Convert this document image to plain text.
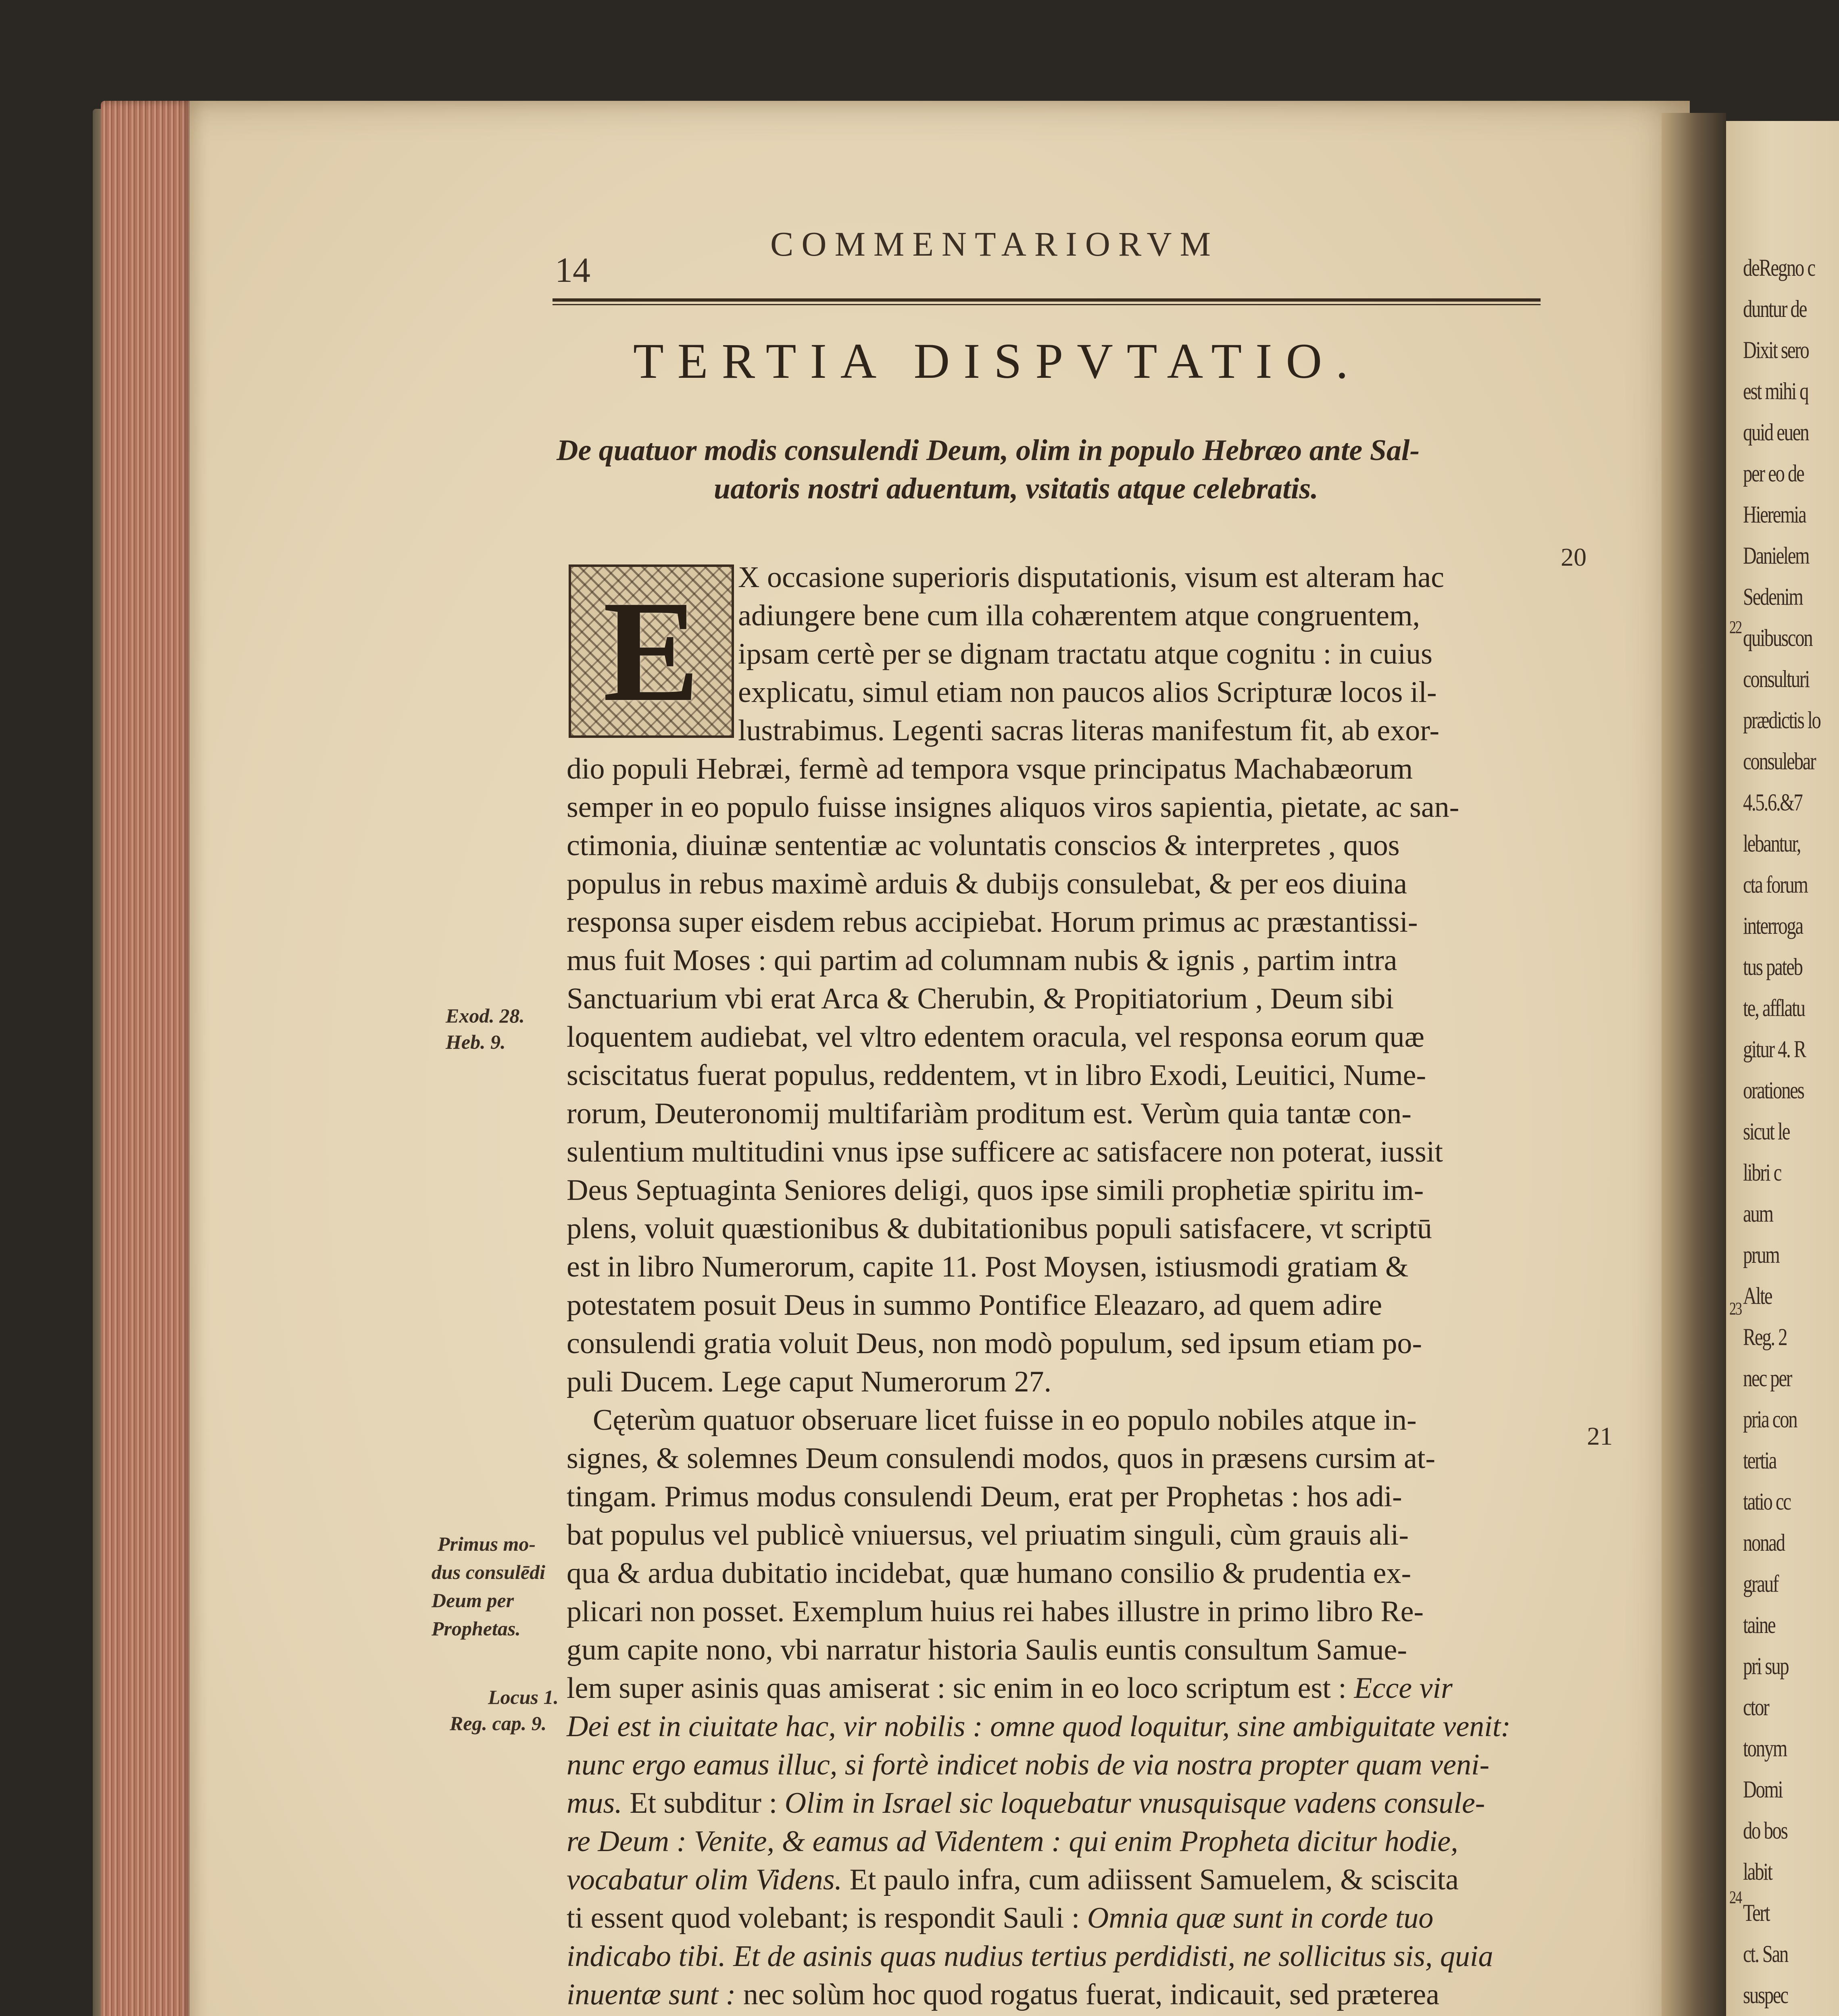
deRegno c
duntur de
Dixit sero
est mihi q
quid euen
per eo de
Hieremia
Danielem
Sedenim
quibuscon
consulturi
prædictis lo
consulebar
4.5.6.&7
lebantur,
cta forum
interroga
tus pateb
te, afflatu
gitur 4. R
orationes
sicut le
libri c
aum
prum
Alte
Reg. 2
nec per
pria con
tertia
tatio cc
nonad
grauf
taine
pri sup
ctor
tonym
Domi
do bos
labit
Tert
ct. San
suspec
22
23
24
14
COMMENTARIORVM
TERTIA DISPVTATIO.
De quatuor modis consulendi Deum, olim in populo Hebræo ante Sal-
uatoris nostri aduentum, vsitatis atque celebratis.
E	X occasione superioris disputationis, visum est alteram hac
adiungere bene cum illa cohærentem atque congruentem,
ipsam certè per se dignam tractatu atque cognitu : in cuius
explicatu, simul etiam non paucos alios Scripturæ locos il-
lustrabimus. Legenti sacras literas manifestum fit, ab exor-
dio populi Hebræi, fermè ad tempora vsque principatus Machabæorum
semper in eo populo fuisse insignes aliquos viros sapientia, pietate, ac san-
ctimonia, diuinæ sententiæ ac voluntatis conscios & interpretes , quos
populus in rebus maximè arduis & dubijs consulebat, & per eos diuina
responsa super eisdem rebus accipiebat. Horum primus ac præstantissi-
mus fuit Moses : qui partim ad columnam nubis & ignis , partim intra
Sanctuarium vbi erat Arca & Cherubin, & Propitiatorium , Deum sibi
loquentem audiebat, vel vltro edentem oracula, vel responsa eorum quæ
sciscitatus fuerat populus, reddentem, vt in libro Exodi, Leuitici, Nume-
rorum, Deuteronomij multifariàm proditum est. Verùm quia tantæ con-
sulentium multitudini vnus ipse sufficere ac satisfacere non poterat, iussit
Deus Septuaginta Seniores deligi, quos ipse simili prophetiæ spiritu im-
plens, voluit quæstionibus & dubitationibus populi satisfacere, vt scriptū
est in libro Numerorum, capite 11. Post Moysen, istiusmodi gratiam &
potestatem posuit Deus in summo Pontifice Eleazaro, ad quem adire
consulendi gratia voluit Deus, non modò populum, sed ipsum etiam po-
puli Ducem. Lege caput Numerorum 27.
Cęterùm quatuor obseruare licet fuisse in eo populo nobiles atque in-
signes, & solemnes Deum consulendi modos, quos in præsens cursim at-
tingam. Primus modus consulendi Deum, erat per Prophetas : hos adi-
bat populus vel publicè vniuersus, vel priuatim singuli, cùm grauis ali-
qua & ardua dubitatio incidebat, quæ humano consilio & prudentia ex-
plicari non posset. Exemplum huius rei habes illustre in primo libro Re-
gum capite nono, vbi narratur historia Saulis euntis consultum Samue-
lem super asinis quas amiserat : sic enim in eo loco scriptum est : Ecce vir
Dei est in ciuitate hac, vir nobilis : omne quod loquitur, sine ambiguitate venit:
nunc ergo eamus illuc, si fortè indicet nobis de via nostra propter quam veni-
mus. Et subditur : Olim in Israel sic loquebatur vnusquisque vadens consule-
re Deum : Venite, & eamus ad Videntem : qui enim Propheta dicitur hodie,
vocabatur olim Videns. Et paulo infra, cum adiissent Samuelem, & sciscita
ti essent quod volebant; is respondit Sauli : Omnia quæ sunt in corde tuo
indicabo tibi. Et de asinis quas nudius tertius perdidisti, ne sollicitus sis, quia
inuentæ sunt : nec solùm hoc quod rogatus fuerat, indicauit, sed præterea
Exod. 28.
Heb. 9.
Primus mo-
dus consulēdi
Deum per
Prophetas.
Locus 1.
Reg. cap. 9.
20
21
